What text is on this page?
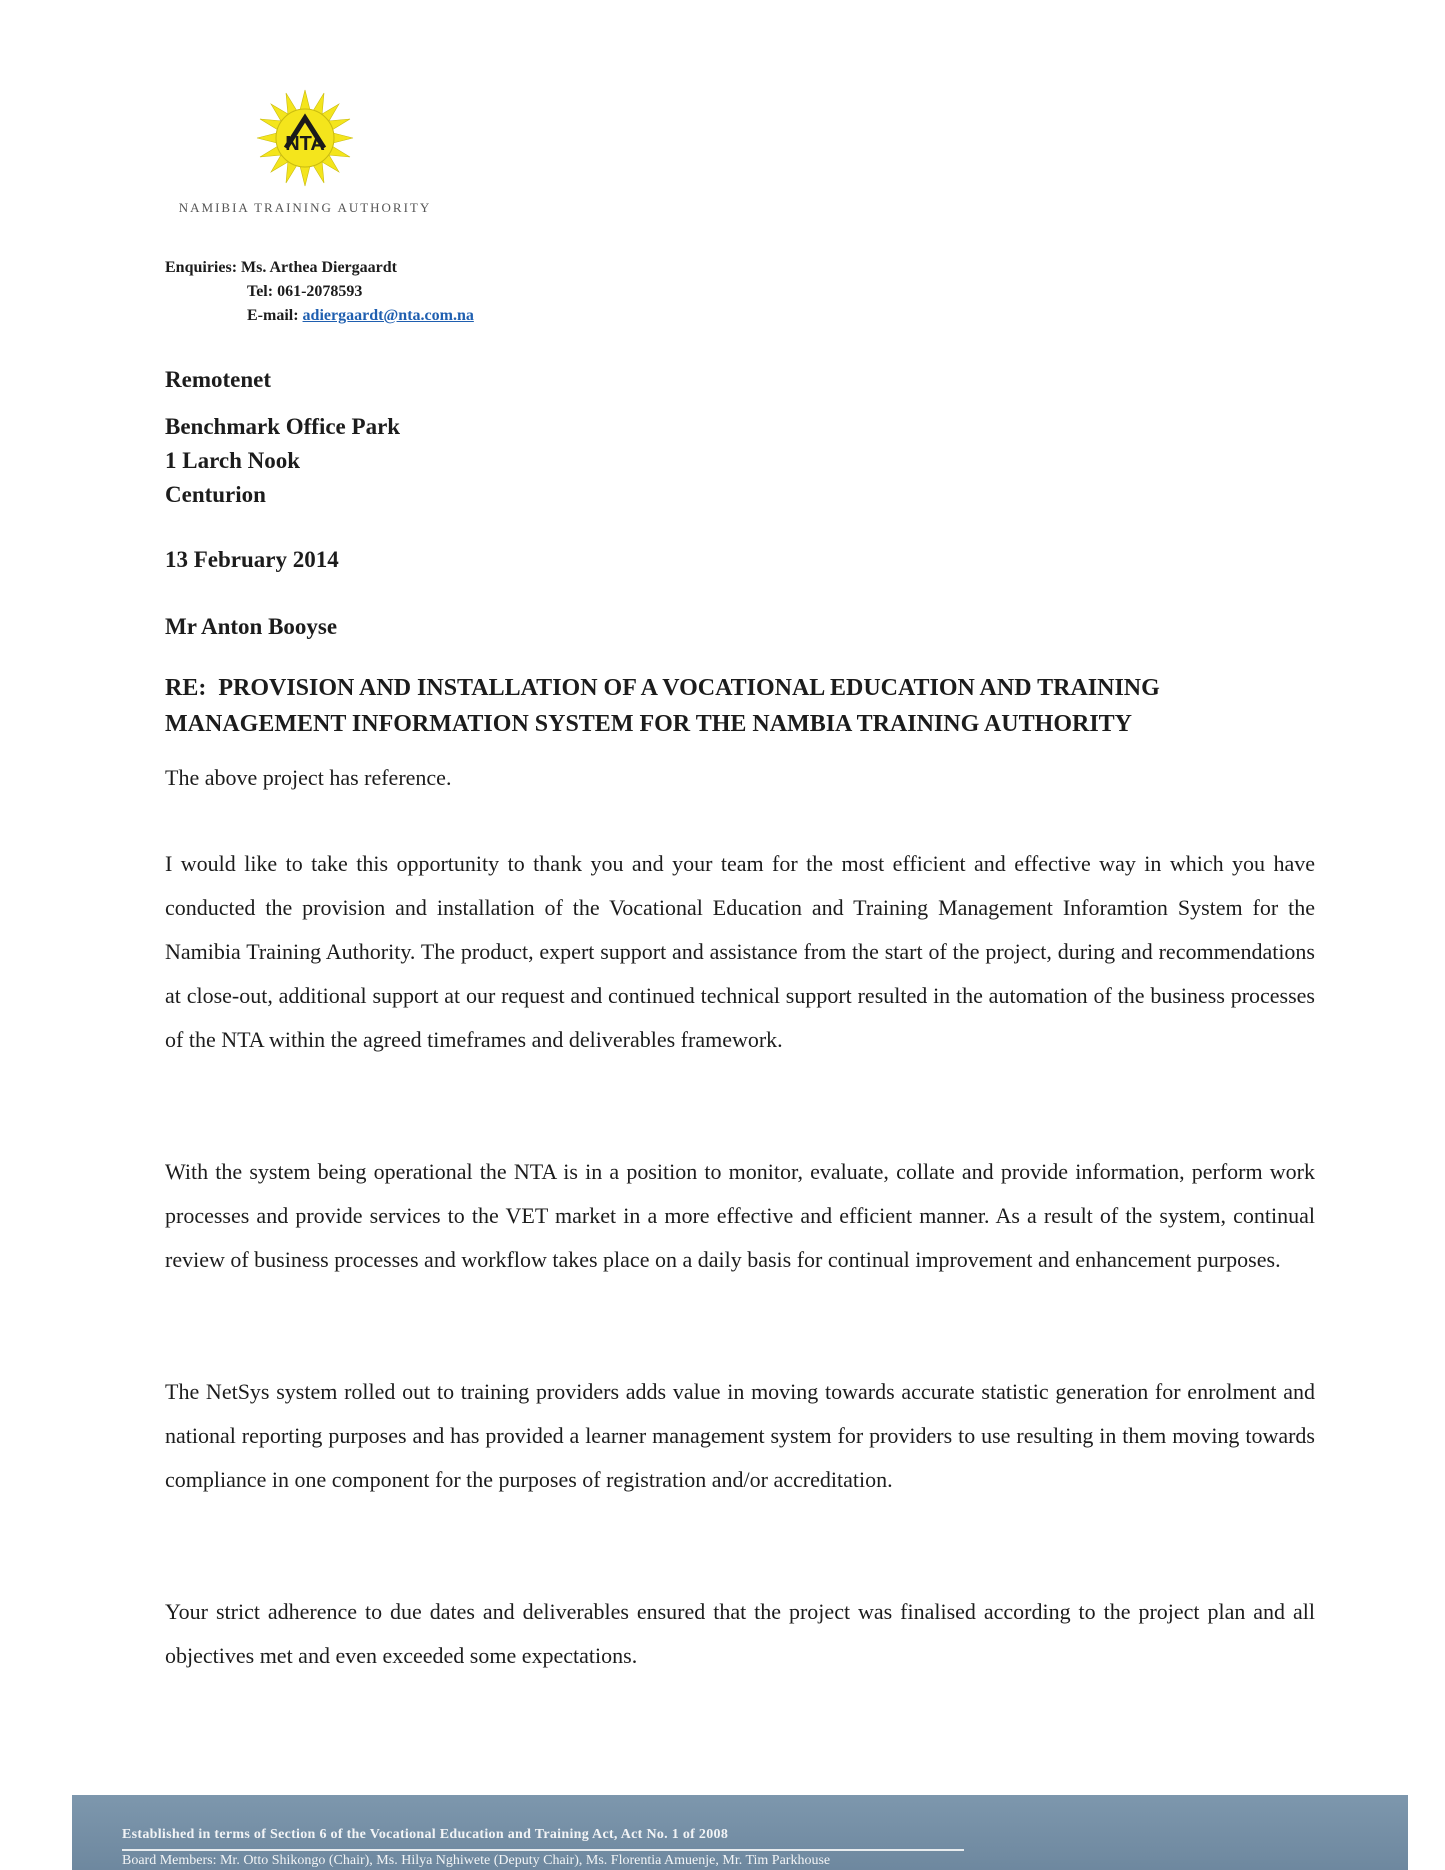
NTA
NAMIBIA TRAINING AUTHORITY
Enquiries: Ms. Arthea Diergaardt
Tel: 061-2078593
E-mail: adiergaardt@nta.com.na
Remotenet
Benchmark Office Park
1 Larch Nook
Centurion
13 February 2014
Mr Anton Booyse
RE: PROVISION AND INSTALLATION OF A VOCATIONAL EDUCATION AND TRAINING
MANAGEMENT INFORMATION SYSTEM FOR THE NAMBIA TRAINING AUTHORITY
The above project has reference.
I would like to take this opportunity to thank you and your team for the most efficient and effective way in which you have conducted the provision and installation of the Vocational Education and Training Management Inforamtion System for the Namibia Training Authority. The product, expert support and assistance from the start of the project, during and recommendations at close-out, additional support at our request and continued technical support resulted in the automation of the business processes of the NTA within the agreed timeframes and deliverables framework.
With the system being operational the NTA is in a position to monitor, evaluate, collate and provide information, perform work processes and provide services to the VET market in a more effective and efficient manner. As a result of the system, continual review of business processes and workflow takes place on a daily basis for continual improvement and enhancement purposes.
The NetSys system rolled out to training providers adds value in moving towards accurate statistic generation for enrolment and national reporting purposes and has provided a learner management system for providers to use resulting in them moving towards compliance in one component for the purposes of registration and/or accreditation.
Your strict adherence to due dates and deliverables ensured that the project was finalised according to the project plan and all objectives met and even exceeded some expectations.
Established in terms of Section 6 of the Vocational Education and Training Act, Act No. 1 of 2008
Board Members: Mr. Otto Shikongo (Chair), Ms. Hilya Nghiwete (Deputy Chair), Ms. Florentia Amuenje, Mr. Tim Parkhouse
